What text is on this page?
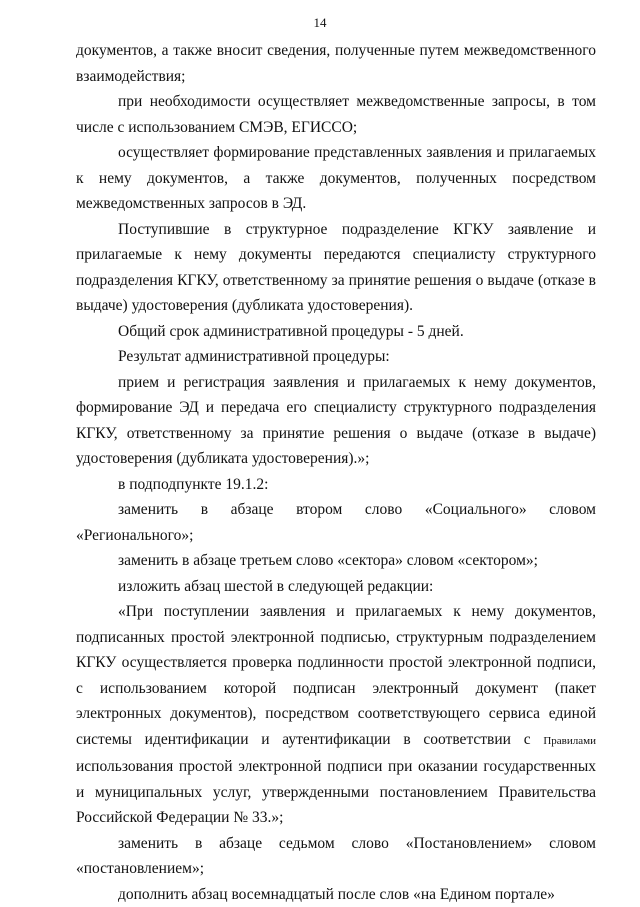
14

документов, а также вносит сведения, полученные путем межведомственного взаимодействия;

при необходимости осуществляет межведомственные запросы, в том числе с использованием СМЭВ, ЕГИССО;

осуществляет формирование представленных заявления и прилагаемых к нему документов, а также документов, полученных посредством межведомственных запросов в ЭД.

Поступившие в структурное подразделение КГКУ заявление и прилагаемые к нему документы передаются специалисту структурного подразделения КГКУ, ответственному за принятие решения о выдаче (отказе в выдаче) удостоверения (дубликата удостоверения).

Общий срок административной процедуры - 5 дней.

Результат административной процедуры:

прием и регистрация заявления и прилагаемых к нему документов, формирование ЭД и передача его специалисту структурного подразделения КГКУ, ответственному за принятие решения о выдаче (отказе в выдаче) удостоверения (дубликата удостоверения).»;

в подподпункте 19.1.2:

заменить в абзаце втором слово «Социального» словом «Регионального»;

заменить в абзаце третьем слово «сектора» словом «сектором»;

изложить абзац шестой в следующей редакции:

«При поступлении заявления и прилагаемых к нему документов, подписанных простой электронной подписью, структурным подразделением КГКУ осуществляется проверка подлинности простой электронной подписи, с использованием которой подписан электронный документ (пакет электронных документов), посредством соответствующего сервиса единой системы идентификации и аутентификации в соответствии с Правилами использования простой электронной подписи при оказании государственных и муниципальных услуг, утвержденными постановлением Правительства Российской Федерации № 33.»;

заменить в абзаце седьмом слово «Постановлением» словом «постановлением»;

дополнить абзац восемнадцатый после слов «на Едином портале»
